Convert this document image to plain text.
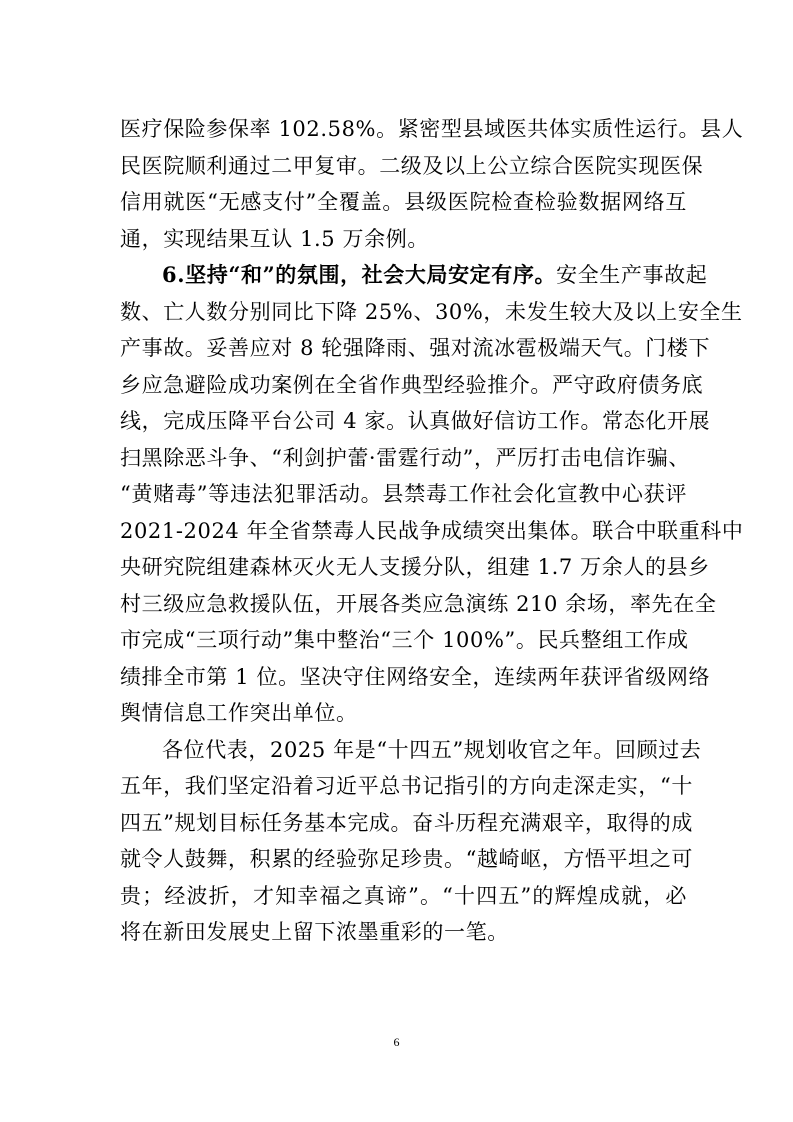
医疗保险参保率 102.58%。紧密型县域医共体实质性运行。县人
民医院顺利通过二甲复审。二级及以上公立综合医院实现医保
信用就医“无感支付”全覆盖。县级医院检查检验数据网络互
通，实现结果互认 1.5 万余例。
6.坚持“和”的氛围，社会大局安定有序。安全生产事故起
数、亡人数分别同比下降 25%、30%，未发生较大及以上安全生
产事故。妥善应对 8 轮强降雨、强对流冰雹极端天气。门楼下
乡应急避险成功案例在全省作典型经验推介。严守政府债务底
线，完成压降平台公司 4 家。认真做好信访工作。常态化开展
扫黑除恶斗争、“利剑护蕾·雷霆行动”，严厉打击电信诈骗、
“黄赌毒”等违法犯罪活动。县禁毒工作社会化宣教中心获评
2021-2024 年全省禁毒人民战争成绩突出集体。联合中联重科中
央研究院组建森林灭火无人支援分队，组建 1.7 万余人的县乡
村三级应急救援队伍，开展各类应急演练 210 余场，率先在全
市完成“三项行动”集中整治“三个 100%”。民兵整组工作成
绩排全市第 1 位。坚决守住网络安全，连续两年获评省级网络
舆情信息工作突出单位。
各位代表，2025 年是“十四五”规划收官之年。回顾过去
五年，我们坚定沿着习近平总书记指引的方向走深走实，“十
四五”规划目标任务基本完成。奋斗历程充满艰辛，取得的成
就令人鼓舞，积累的经验弥足珍贵。“越崎岖，方悟平坦之可
贵；经波折，才知幸福之真谛”。“十四五”的辉煌成就，必
将在新田发展史上留下浓墨重彩的一笔。
6
